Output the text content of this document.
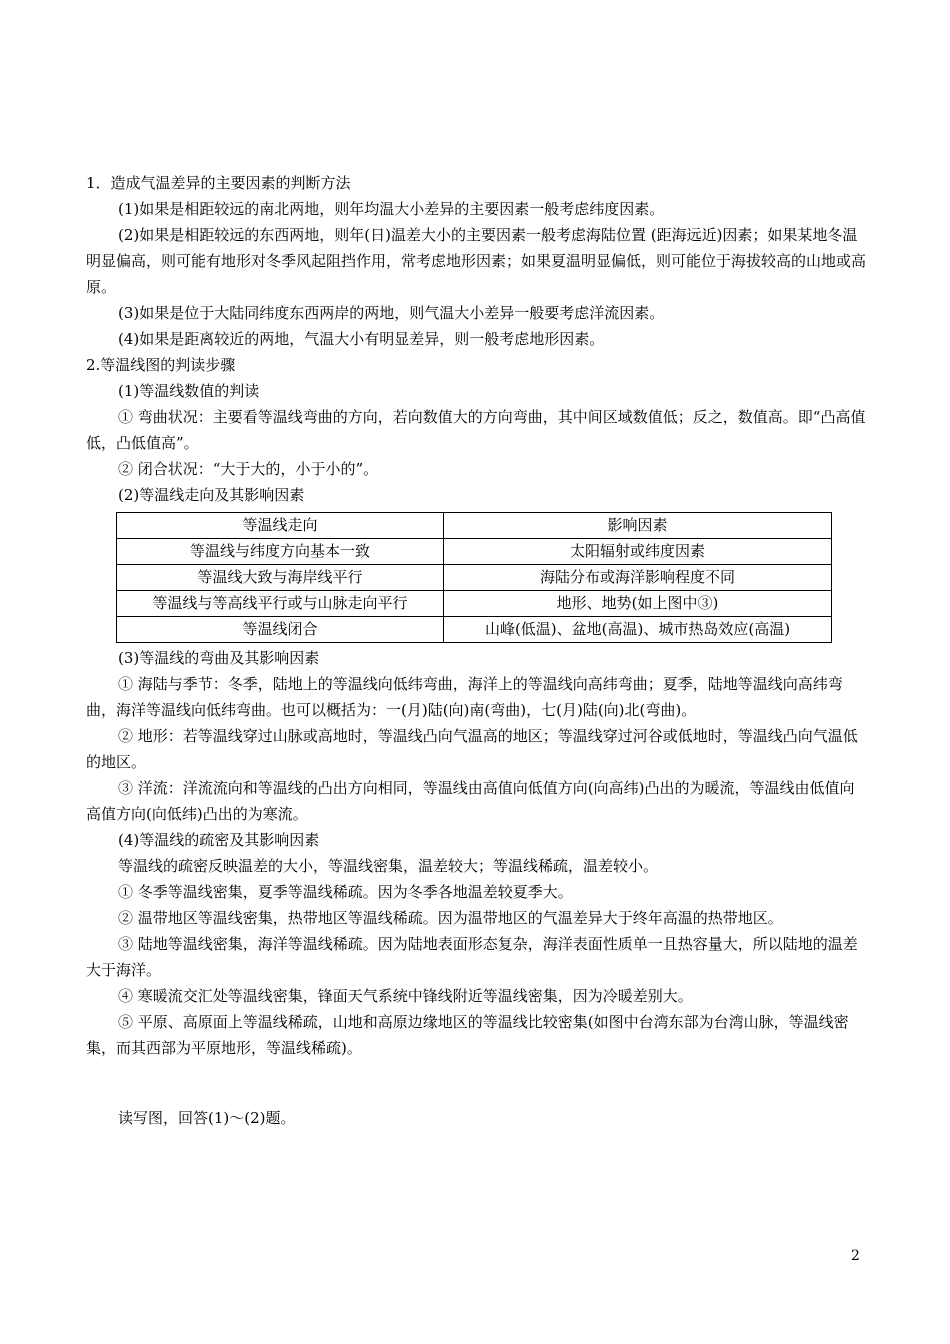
1．造成气温差异的主要因素的判断方法

(1)如果是相距较远的南北两地，则年均温大小差异的主要因素一般考虑纬度因素。

(2)如果是相距较远的东西两地，则年(日)温差大小的主要因素一般考虑海陆位置 (距海远近)因素；如果某地冬温明显偏高，则可能有地形对冬季风起阻挡作用，常考虑地形因素；如果夏温明显偏低，则可能位于海拔较高的山地或高原。

(3)如果是位于大陆同纬度东西两岸的两地，则气温大小差异一般要考虑洋流因素。

(4)如果是距离较近的两地，气温大小有明显差异，则一般考虑地形因素。

2.等温线图的判读步骤

(1)等温线数值的判读

① 弯曲状况：主要看等温线弯曲的方向，若向数值大的方向弯曲，其中间区域数值低；反之，数值高。即“凸高值低，凸低值高”。

② 闭合状况：“大于大的，小于小的”。

(2)等温线走向及其影响因素

等温线走向	影响因素
等温线与纬度方向基本一致	太阳辐射或纬度因素
等温线大致与海岸线平行	海陆分布或海洋影响程度不同
等温线与等高线平行或与山脉走向平行	地形、地势(如上图中③)
等温线闭合	山峰(低温)、盆地(高温)、城市热岛效应(高温)

(3)等温线的弯曲及其影响因素

① 海陆与季节：冬季，陆地上的等温线向低纬弯曲，海洋上的等温线向高纬弯曲；夏季，陆地等温线向高纬弯曲，海洋等温线向低纬弯曲。也可以概括为：一(月)陆(向)南(弯曲)，七(月)陆(向)北(弯曲)。

② 地形：若等温线穿过山脉或高地时，等温线凸向气温高的地区；等温线穿过河谷或低地时，等温线凸向气温低的地区。

③ 洋流：洋流流向和等温线的凸出方向相同，等温线由高值向低值方向(向高纬)凸出的为暖流，等温线由低值向高值方向(向低纬)凸出的为寒流。

(4)等温线的疏密及其影响因素

等温线的疏密反映温差的大小，等温线密集，温差较大；等温线稀疏，温差较小。

① 冬季等温线密集，夏季等温线稀疏。因为冬季各地温差较夏季大。

② 温带地区等温线密集，热带地区等温线稀疏。因为温带地区的气温差异大于终年高温的热带地区。

③ 陆地等温线密集，海洋等温线稀疏。因为陆地表面形态复杂，海洋表面性质单一且热容量大，所以陆地的温差大于海洋。

④ 寒暖流交汇处等温线密集，锋面天气系统中锋线附近等温线密集，因为冷暖差别大。

⑤ 平原、高原面上等温线稀疏，山地和高原边缘地区的等温线比较密集(如图中台湾东部为台湾山脉，等温线密集，而其西部为平原地形，等温线稀疏)。

读写图，回答(1)～(2)题。

2
